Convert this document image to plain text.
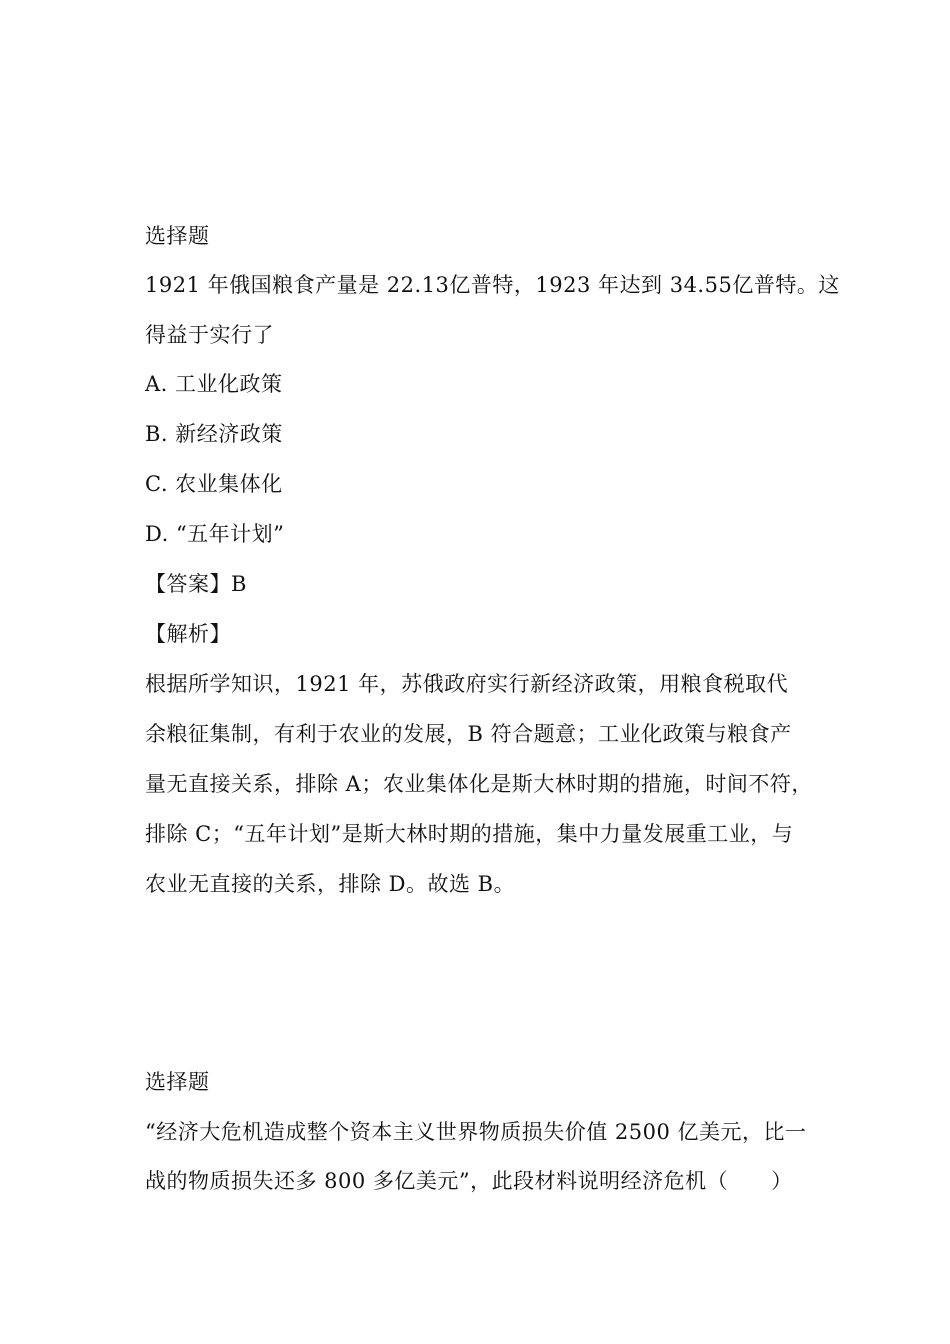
选择题
1921 年俄国粮食产量是 22.13亿普特，1923 年达到 34.55亿普特。这
得益于实行了
A. 工业化政策
B. 新经济政策
C. 农业集体化
D. “五年计划”
【答案】B
【解析】
根据所学知识，1921 年，苏俄政府实行新经济政策，用粮食税取代
余粮征集制，有利于农业的发展，B 符合题意；工业化政策与粮食产
量无直接关系，排除 A；农业集体化是斯大林时期的措施，时间不符，
排除 C；“五年计划”是斯大林时期的措施，集中力量发展重工业，与
农业无直接的关系，排除 D。故选 B。
选择题
“经济大危机造成整个资本主义世界物质损失价值 2500 亿美元，比一
战的物质损失还多 800 多亿美元”，此段材料说明经济危机（　　）
